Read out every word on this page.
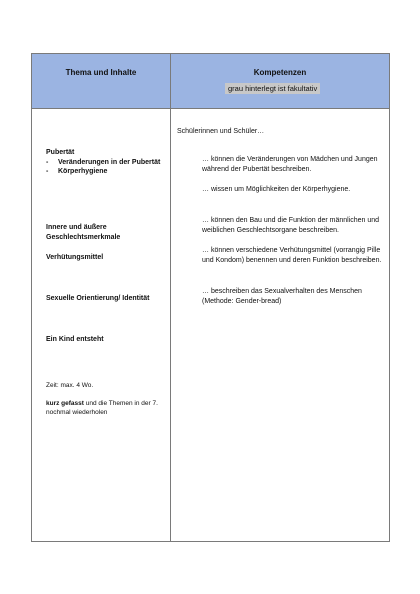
Thema und Inhalte	Kompetenzen
grau hinterlegt ist fakultativ
Pubertät
-	Veränderungen in der Pubertät
-	Körperhygiene
Innere und äußere Geschlechtsmerkmale
Verhütungsmittel
Sexuelle Orientierung/ Identität
Ein Kind entsteht
Zeit: max. 4 Wo.
kurz gefasst und die Themen in der 7. nochmal wiederholen
Schülerinnen und Schüler…
… können die Veränderungen von Mädchen und Jungen während der Pubertät beschreiben.
… wissen um Möglichkeiten der Körperhygiene.
… können den Bau und die Funktion der männlichen und weiblichen Geschlechtsorgane beschreiben.
… können verschiedene Verhütungsmittel (vorrangig Pille und Kondom) benennen und deren Funktion beschreiben.
… beschreiben das Sexualverhalten des Menschen (Methode: Gender-bread)
